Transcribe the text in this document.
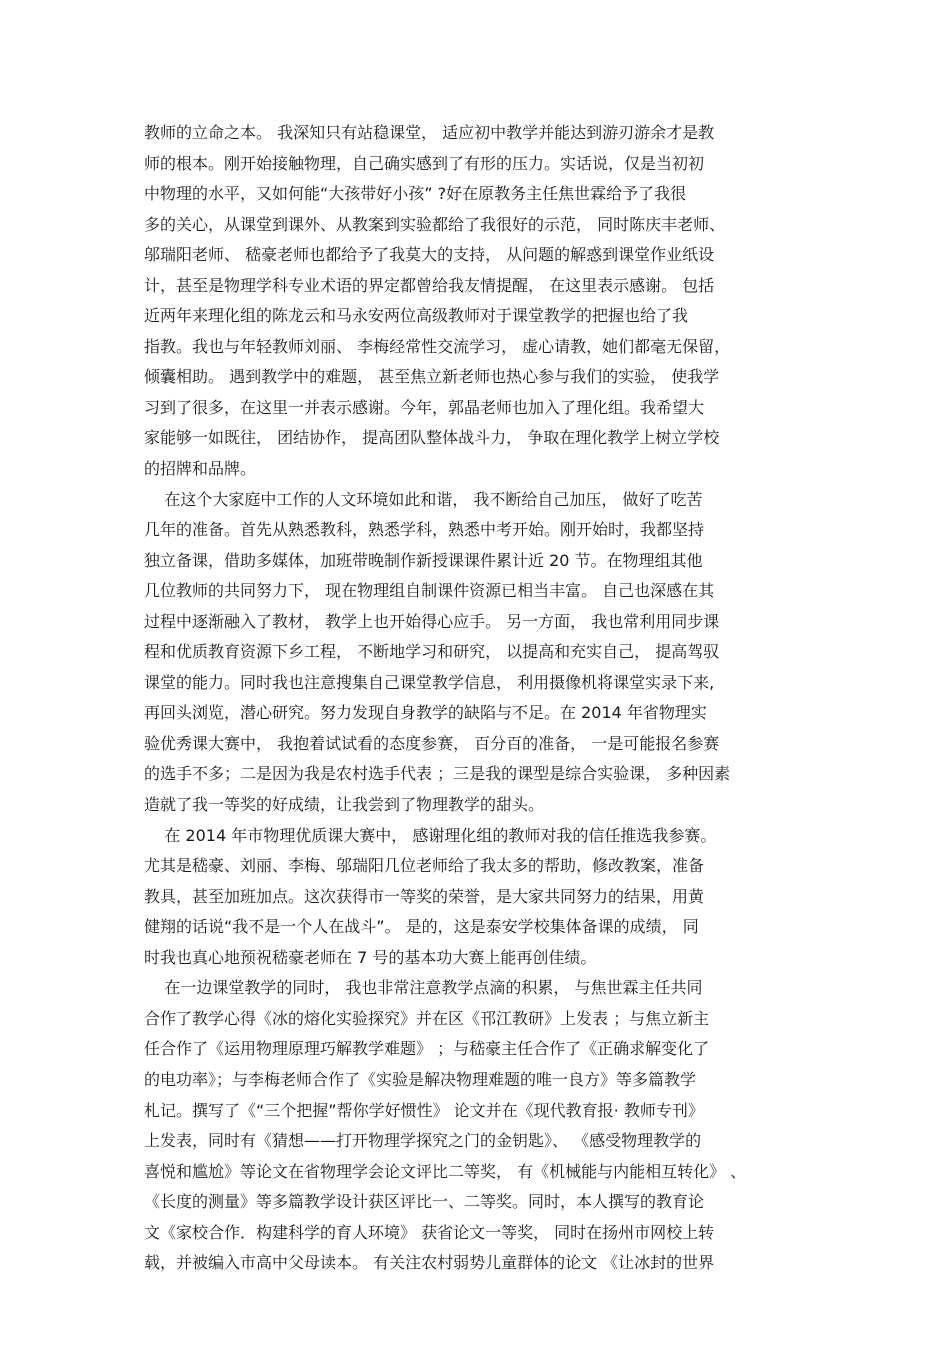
教师的立命之本。 我深知只有站稳课堂， 适应初中教学并能达到游刃游余才是教
师的根本。刚开始接触物理，自己确实感到了有形的压力。实话说，仅是当初初
中物理的水平，又如何能“大孩带好小孩” ?好在原教务主任焦世霖给予了我很
多的关心，从课堂到课外、从教案到实验都给了我很好的示范， 同时陈庆丰老师、
邬瑞阳老师、 嵇豪老师也都给予了我莫大的支持， 从问题的解惑到课堂作业纸设
计，甚至是物理学科专业术语的界定都曾给我友情提醒， 在这里表示感谢。 包括
近两年来理化组的陈龙云和马永安两位高级教师对于课堂教学的把握也给了我
指教。我也与年轻教师刘丽、 李梅经常性交流学习， 虚心请教，她们都毫无保留，
倾囊相助。 遇到教学中的难题， 甚至焦立新老师也热心参与我们的实验， 使我学
习到了很多，在这里一并表示感谢。今年，郭晶老师也加入了理化组。我希望大
家能够一如既往， 团结协作， 提高团队整体战斗力， 争取在理化教学上树立学校
的招牌和品牌。
在这个大家庭中工作的人文环境如此和谐， 我不断给自己加压， 做好了吃苦
几年的准备。首先从熟悉教科，熟悉学科，熟悉中考开始。刚开始时，我都坚持
独立备课，借助多媒体，加班带晚制作新授课课件累计近 20 节。在物理组其他
几位教师的共同努力下， 现在物理组自制课件资源已相当丰富。 自己也深感在其
过程中逐渐融入了教材， 教学上也开始得心应手。 另一方面， 我也常利用同步课
程和优质教育资源下乡工程， 不断地学习和研究， 以提高和充实自己， 提高驾驭
课堂的能力。同时我也注意搜集自己课堂教学信息， 利用摄像机将课堂实录下来,
再回头浏览，潜心研究。努力发现自身教学的缺陷与不足。在 2014 年省物理实
验优秀课大赛中， 我抱着试试看的态度参赛， 百分百的准备， 一是可能报名参赛
的选手不多；二是因为我是农村选手代表 ；三是我的课型是综合实验课， 多种因素
造就了我一等奖的好成绩，让我尝到了物理教学的甜头。
在 2014 年市物理优质课大赛中， 感谢理化组的教师对我的信任推选我参赛。
尤其是嵇豪、刘丽、李梅、邬瑞阳几位老师给了我太多的帮助，修改教案，准备
教具，甚至加班加点。这次获得市一等奖的荣誉，是大家共同努力的结果，用黄
健翔的话说“我不是一个人在战斗”。 是的，这是泰安学校集体备课的成绩， 同
时我也真心地预祝嵇豪老师在 7 号的基本功大赛上能再创佳绩。
在一边课堂教学的同时， 我也非常注意教学点滴的积累， 与焦世霖主任共同
合作了教学心得《冰的熔化实验探究》并在区《邗江教研》上发表 ；与焦立新主
任合作了《运用物理原理巧解教学难题》 ；与嵇豪主任合作了《正确求解变化了
的电功率》；与李梅老师合作了《实验是解决物理难题的唯一良方》等多篇教学
札记。撰写了《“三个把握”帮你学好惯性》 论文并在《现代教育报· 教师专刊》
上发表，同时有《猜想——打开物理学探究之门的金钥匙》、 《感受物理教学的
喜悦和尴尬》等论文在省物理学会论文评比二等奖， 有《机械能与内能相互转化》 、
《长度的测量》等多篇教学设计获区评比一、二等奖。同时，本人撰写的教育论
文《家校合作．构建科学的育人环境》 获省论文一等奖， 同时在扬州市网校上转
载，并被编入市高中父母读本。 有关注农村弱势儿童群体的论文 《让冰封的世界
